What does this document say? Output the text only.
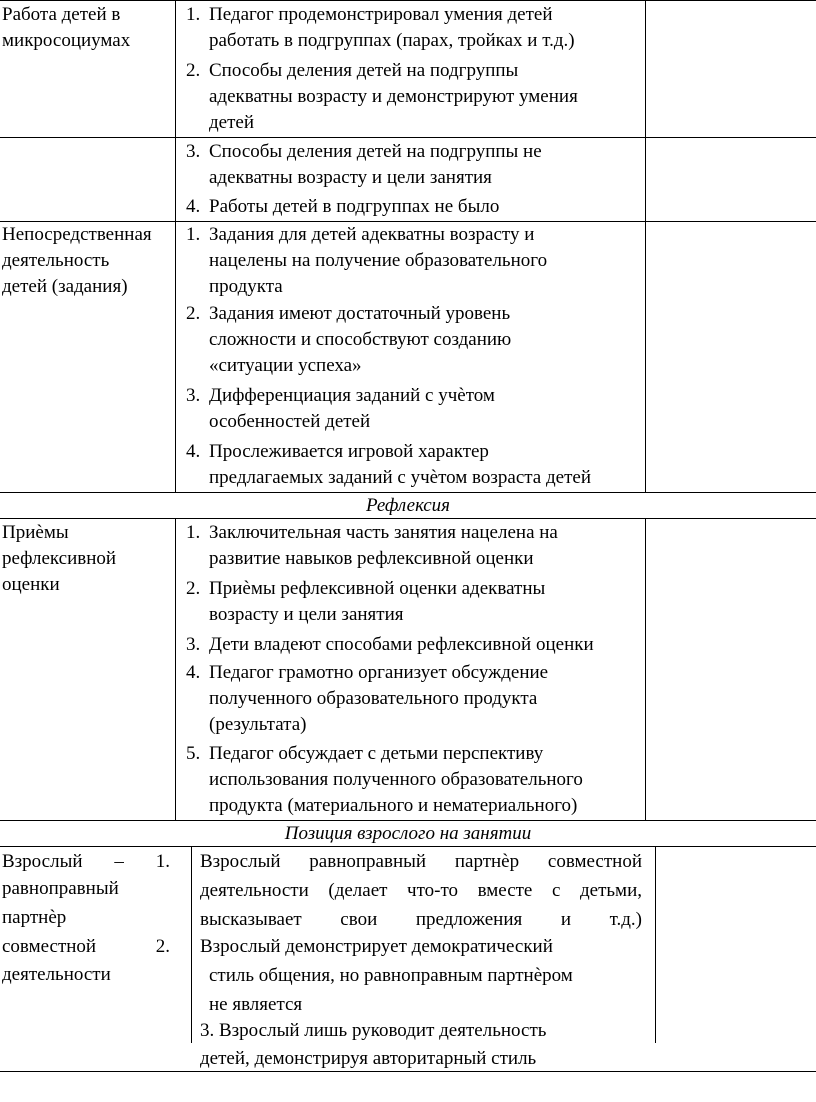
Работа детей в
микросоциумах
1. Педагог продемонстрировал умения детей
работать в подгруппах (парах, тройках и т.д.)
2. Способы деления детей на подгруппы
адекватны возрасту и демонстрируют умения
детей
3. Способы деления детей на подгруппы не
адекватны возрасту и цели занятия
4. Работы детей в подгруппах не было
Непосредственная
деятельность
детей (задания)
1. Задания для детей адекватны возрасту и
нацелены на получение образовательного
продукта
2. Задания имеют достаточный уровень
сложности и способствуют созданию
«ситуации успеха»
3. Дифференциация заданий с учѐтом
особенностей детей
4. Прослеживается игровой характер
предлагаемых заданий с учѐтом возраста детей
Рефлексия
Приѐмы
рефлексивной
оценки
1. Заключительная часть занятия нацелена на
развитие навыков рефлексивной оценки
2. Приѐмы рефлексивной оценки адекватны
возрасту и цели занятия
3. Дети владеют способами рефлексивной оценки
4. Педагог грамотно организует обсуждение
полученного образовательного продукта
(результата)
5. Педагог обсуждает с детьми перспективу
использования полученного образовательного
продукта (материального и нематериального)
Позиция взрослого на занятии
Взрослый – 1.
равноправный
партнѐр
совместной	2.
деятельности
Взрослый равноправный партнѐр совместной
деятельности (делает что-то вместе с детьми,
высказывает свои предложения и т.д.)
Взрослый демонстрирует демократический
стиль общения, но равноправным партнѐром
не является
3. Взрослый лишь руководит деятельность
детей, демонстрируя авторитарный стиль
